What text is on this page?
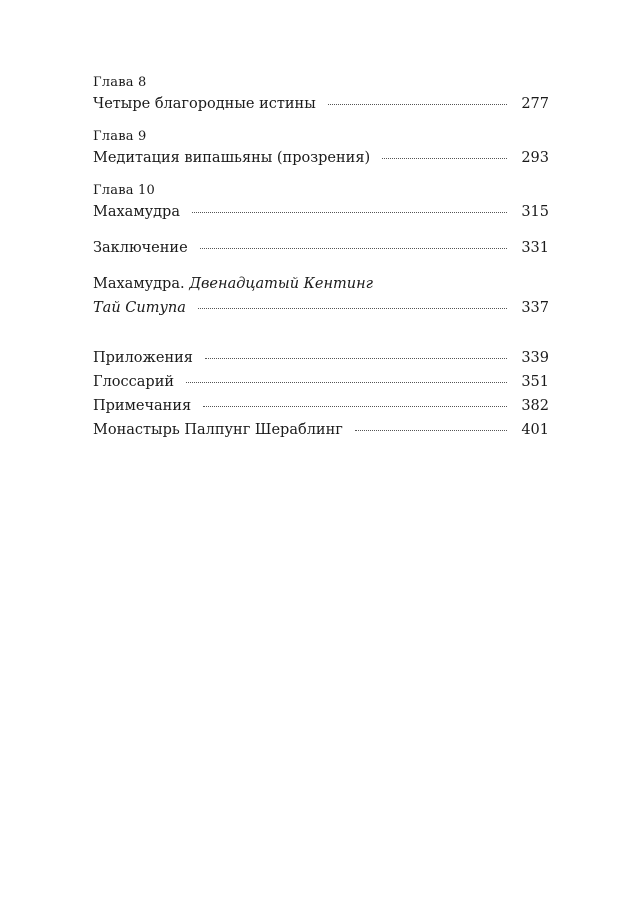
Глава 8
Четыре благородные истины	277
Глава 9
Медитация випашьяны (прозрения)	293
Глава 10
Махамудра	315
Заключение	331
Махамудра. Двенадцатый Кентинг
Тай Ситупа	337
Приложения	339
Глоссарий	351
Примечания	382
Монастырь Палпунг Шераблинг	401
